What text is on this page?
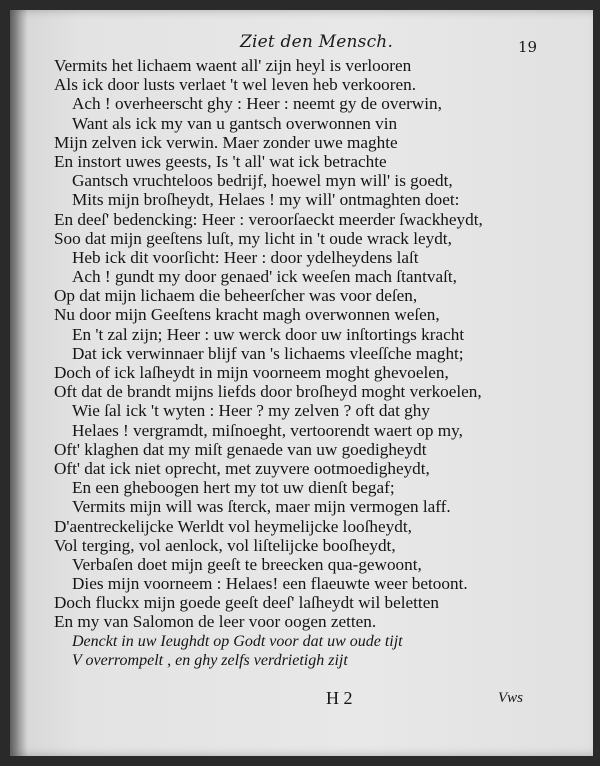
Ziet den Mensch.	19
Vermits het lichaem waent all' zijn heyl is verlooren
Als ick door lusts verlaet 't wel leven heb verkooren.
Ach ! overheerscht ghy : Heer : neemt gy de overwin,
Want als ick my van u gantsch overwonnen vin
Mijn zelven ick verwin. Maer zonder uwe maghte
En instort uwes geests, Is 't all' wat ick betrachte
Gantsch vruchteloos bedrijf, hoewel myn will' is goedt,
Mits mijn broſheydt, Helaes ! my will' ontmaghten doet:
En deeſ' bedencking: Heer : veroorſaeckt meerder ſwackheydt,
Soo dat mijn geeſtens luſt, my licht in 't oude wrack leydt,
Heb ick dit voorſicht: Heer : door ydelheydens laſt
Ach ! gundt my door genaed' ick weeſen mach ſtantvaſt,
Op dat mijn lichaem die beheerſcher was voor deſen,
Nu door mijn Geeſtens kracht magh overwonnen weſen,
En 't zal zijn; Heer : uw werck door uw inſtortings kracht
Dat ick verwinnaer blijf van 's lichaems vleeſſche maght;
Doch of ick laſheydt in mijn voorneem moght ghevoelen,
Oft dat de brandt mijns liefds door broſheyd moght verkoelen,
Wie ſal ick 't wyten : Heer ? my zelven ? oft dat ghy
Helaes ! vergramdt, miſnoeght, vertoorendt waert op my,
Oft' klaghen dat my miſt genaede van uw goedigheydt
Oft' dat ick niet oprecht, met zuyvere ootmoedigheydt,
En een gheboogen hert my tot uw dienſt begaf;
Vermits mijn will was ſterck, maer mijn vermogen laff.
D'aentreckelijcke Werldt vol heymelijcke looſheydt,
Vol terging, vol aenlock, vol liſtelijcke booſheydt,
Verbaſen doet mijn geeſt te breecken qua-gewoont,
Dies mijn voorneem : Helaes! een flaeuwte weer betoont.
Doch fluckx mijn goede geeſt deeſ' laſheydt wil beletten
En my van Salomon de leer voor oogen zetten.
Denckt in uw Ieughdt op Godt voor dat uw oude tijt
V overrompelt , en ghy zelfs verdrietigh zijt
H 2	Vws
